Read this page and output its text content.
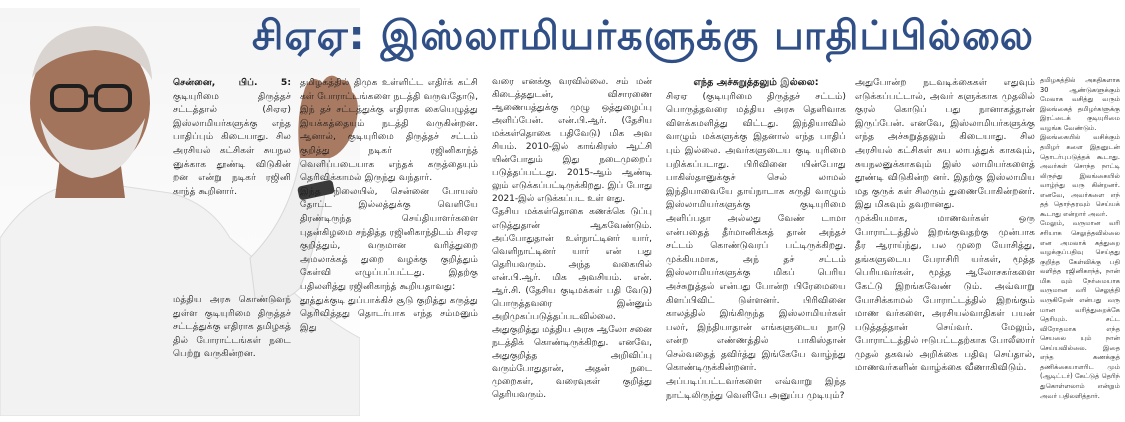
சிஏஏ: இஸ்லாமியர்களுக்கு பாதிப்பில்லை

சென்னை, பிப். 5: குடியுரிமை திருத்தச் சட்டத்தால் (சிஏஏ) இஸ்லாமியர்களுக்கு எந்த பாதிப்பும் கிடையாது. சில அரசியல் கட்சிகள் சுயநல னுக்காக தூண்டி விடுகின் றன என்று நடிகர் ரஜினி காந்த் கூறினார்.

மத்திய அரசு கொண்டுவந் துள்ள குடியுரிமை திருத்தச் சட்டத்துக்கு எதிராக தமிழகத் தில் போராட்டங்கள் நடை பெற்று வருகின்றன.

தமிழகத்தில் திமுக உள்ளிட்ட எதிர்க் கட்சி கள் போராட்டங்களை நடத்தி வருவதோடு, இந் தச் சட்டத்துக்கு எதிராக கையெழுத்து இயக்கத்தையும் நடத்தி வருகின்றன. ஆனால், குடியுரிமை திருத்தச் சட்டம் குறித்து நடிகர் ரஜினிகாந்த் வெளிப்படையாக எந்தக் கருத்தையும் தெரிவிக்காமல் இருந்து வந்தார்.

இந்த நிலையில், சென்னை போயஸ் தோட்ட இல்லத்துக்கு வெளியே திரண்டிருந்த செய்தியாளர்களை புதன்கிழமை சந்தித்த ரஜினிகாந்திடம் சிஏஏ குறித்தும், வருமான வரித்துறை அமலாக்கத் துறை வழக்கு குறித்தும் கேள்வி எழுப்பப்பட்டது. இதற்கு பதிலளித்து ரஜினிகாந்த் கூறியதாவது:

தூத்துக்குடி துப்பாக்கிச் சூடு குறித்து கருத்து தெரிவித்தது தொடர்பாக எந்த சம்மனும் இது

வரை எனக்கு வரவில்லை. சம் மன் கிடைத்ததுடன், விசாரணை ஆணையத்துக்கு முழு ஒத்துழைப்பு அளிப்பேன். என்.பி.ஆர். (தேசிய மக்கள்தொகை பதிவேடு) மிக அவ சியம். 2010-இல் காங்கிரஸ் ஆட்சி யின்போதும் இது நடைமுறைப் படுத்தப்பட்டது. 2015-ஆம் ஆண்டி லும் எடுக்கப்பட்டிருக்கிறது. இப் போது 2021-இல் எடுக்கப்பட உள் ளது.

தேசிய மக்கள்தொகை கணக்கெ டுப்பு எடுத்துதான் ஆகவேண்டும். அப்போதுதான் உள்நாட்டினர் யார், வெளிநாட்டினர் யார் என் பது தெரியவரும். அந்த வகையில் என்.பி.ஆர். மிக அவசியம். என். ஆர்.சி. (தேசிய குடிமக்கள் பதி வேடு) பொருத்தவரை இன்னும் அறிமுகப்படுத்தப்படவில்லை. அதுகுறித்து மத்திய அரசு ஆலோ சனை நடத்திக் கொண்டிருக்கிறது. எனவே, அதுகுறித்த அறிவிப்பு வரும்போதுதான், அதன் நடை முறைகள், வரைவுகள் குறித்து தெரியவரும்.

எந்த அச்சுறுத்தலும் இல்லை:

சிஏஏ (குடியுரிமை திருத்தச் சட்டம்) பொருத்தவரை மத்திய அரசு தெளிவாக விளக்கமளித்து விட்டது. இந்தியாவில் வாழும் மக்களுக்கு இதனால் எந்த பாதிப் பும் இல்லை. அவர்களுடைய குடி யுரிமை பறிக்கப்படாது. பிரிவினை யின்போது பாகிஸ்தானுக்குச் செல் லாமல் இந்தியாவையே தாய்நாடாக கருதி வாழும் இஸ்லாமியர்களுக்கு குடியுரிமை அளிப்பதா அல்லது வேண் டாமா என்பதைத் தீர்மானிக்கத் தான் அந்தச் சட்டம் கொண்டுவரப் பட்டிருக்கிறது. முக்கியமாக, அந் தச் சட்டம் இஸ்லாமியர்களுக்கு மிகப் பெரிய அச்சுறுத்தல் என்பது போன்ற பிரேமையை கிளப்பிவிட் டுள்ளனர். பிரிவினை காலத்தில் இங்கிருந்த இஸ்லாமியர்கள் பலர், இந்தியாதான் எங்களுடைய நாடு என்ற எண்ணத்தில் பாகிஸ்தான் செல்வதைத் தவிர்த்து இங்கேயே வாழ்ந்து கொண்டிருக்கின்றனர். அப்படிப்பட்டவர்களை எவ்வாறு இந்த நாட்டிலிருந்து வெளியே அனுப்ப முடியும்?

அதுபோன்ற நடவடிக்கைகள் எதுவும் எடுக்கப்பட்டால், அவர் களுக்காக முதலில் குரல் கொடுப் பது நானாகத்தான் இருப்பேன். எனவே, இஸ்லாமியர்களுக்கு எந்த அச்சுறுத்தலும் கிடையாது. சில அரசியல் கட்சிகள் சுய லாபத்துக் காகவும், சுயநலனுக்காகவும் இஸ் லாமியர்களைத் தூண்டி விடுகின்ற னர். இதற்கு இஸ்லாமிய மத குருக் கள் சிலரும் துணைபோகின்றனர். இது மிகவும் தவறானது.

முக்கியமாக, மாணவர்கள் ஒரு போராட்டத்தில் இறங்குவதற்கு முன்பாக தீர ஆராய்ந்து, பல முறை யோசித்து, தங்களுடைய பேராசிரி யர்கள், மூத்த பெரியவர்கள், மூத்த ஆலோசகர்களை கேட்டு இறங்கவேண் டும். அவ்வாறு யோசிக்காமல் போராட்டத்தில் இறங்கும் மாண வர்களை, அரசியல்வாதிகள் பயன் படுத்தத்தான் செய்வர். மேலும், போராட்டத்தில் ஈடுபட்டதற்காக போலீஸார் முதல் தகவல் அறிக்கை பதிவு செய்தால், மாணவர்களின் வாழ்க்கை வீணாகிவிடும்.

தமிழகத்தில் அகதிகளாக 30 ஆண்டுகளுக்கும் மேலாக வசித்து வரும் இலங்கைத் தமிழர்களுக்கு இரட்டைக் குடியுரிமை வழங்க வேண்டும்.

இலங்கையில் வசிக்கும் தமிழர் களை இதனுடன் தொடர்புபடுத்தக் கூடாது. அவர்கள் சொந்த நாட்டி லிருந்து இலங்கையில் வாழ்ந்து வரு கின்றனர். எனவே, அவர்களை எந் தத் தொந்தரவும் செய்யக் கூடாது என்றார் அவர்.

மேலும், வருமான வரி சரியாக செலுத்தவில்லை என அமலாக் கத்துறை வழக்குப்பதிவு செய்தது குறித்த கேள்விக்கு பதி லளித்த ரஜினிகாந்த், நான் மிக வும் நேர்மையாக வருமான வரி செலுத்தி வருகிறேன் என்பது வரு மான வரித்துறைக்கே தெரியும். சட்ட விரோதமாக எந்த செயலை யும் நான் செய்யவில்லை. இதை எந்த கணக்குத் தணிக்கையாளரிட மும் (ஆடிட்டர்) கேட்டுத் தெரிந் துகொள்ளலாம் என்றும் அவர் பதிலளித்தார்.
